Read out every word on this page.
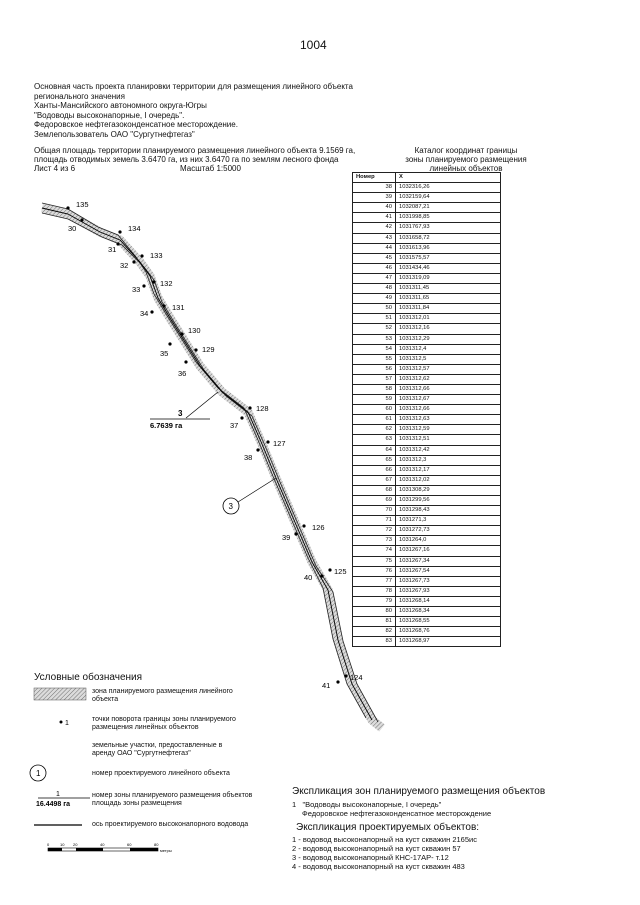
1004
Основная часть проекта планировки территории для размещения линейного объекта
регионального значения
Ханты-Мансийского автономного округа-Югры
"Водоводы высоконапорные, I очередь".
Федоровское нефтегазоконденсатное месторождение.
Землепользователь ОАО "Сургутнефтегаз"
Общая площадь территории планируемого размещения линейного объекта 9.1569 га,
площадь отводимых земель 3.6470 га, из них 3.6470 га по землям лесного фонда
Лист 4 из 6	Масштаб 1:5000
Каталог координат границы
зоны планируемого размещения
линейных объектов
Номер	X
38	1032316,26
39	1032159,64
40	1032087,21
41	1031998,85
42	1031767,93
43	1031658,72
44	1031613,96
45	1031575,57
46	1031434,46
47	1031319,09
48	1031311,45
49	1031311,65
50	1031311,84
51	1031312,01
52	1031312,16
53	1031312,29
54	1031312,4
55	1031312,5
56	1031312,57
57	1031312,62
58	1031312,66
59	1031312,67
60	1031312,66
61	1031312,63
62	1031312,59
63	1031312,51
64	1031312,42
65	1031312,3
66	1031312,17
67	1031312,02
68	1031308,29
69	1031299,56
70	1031298,43
71	1031271,3
72	1031272,73
73	1031264,0
74	1031267,16
75	1031267,34
76	1031267,54
77	1031267,73
78	1031267,93
79	1031268,14
80	1031268,34
81	1031268,55
82	1031268,76
83	1031268,97
135
30	134
31
133
32
132
33
131
34
130
35	129
36
128
37
127
38
126
39
125
40
124
41
3
6.7639 га
3
1
1
1
16.4498 га
0	10 20	40	60	80
метры
Условные обозначения
зона планируемого размещения линейного объекта
точки поворота границы зоны планируемого размещения линейных объектов
земельные участки, предоставленные в аренду ОАО "Сургутнефтегаз"
номер проектируемого линейного объекта
номер зоны планируемого размещения объектов
площадь зоны размещения
ось проектируемого высоконапорного водовода
Экспликация зон планируемого размещения объектов
1 "Водоводы высоконапорные, I очередь"
Федоровское нефтегазоконденсатное месторождение
Экспликация проектируемых объектов:
1 - водовод высоконапорный на куст скважин 2165ис
2 - водовод высоконапорный на куст скважин 57
3 - водовод высоконапорный КНС-17АР- т.12
4 - водовод высоконапорный на куст скважин 483
